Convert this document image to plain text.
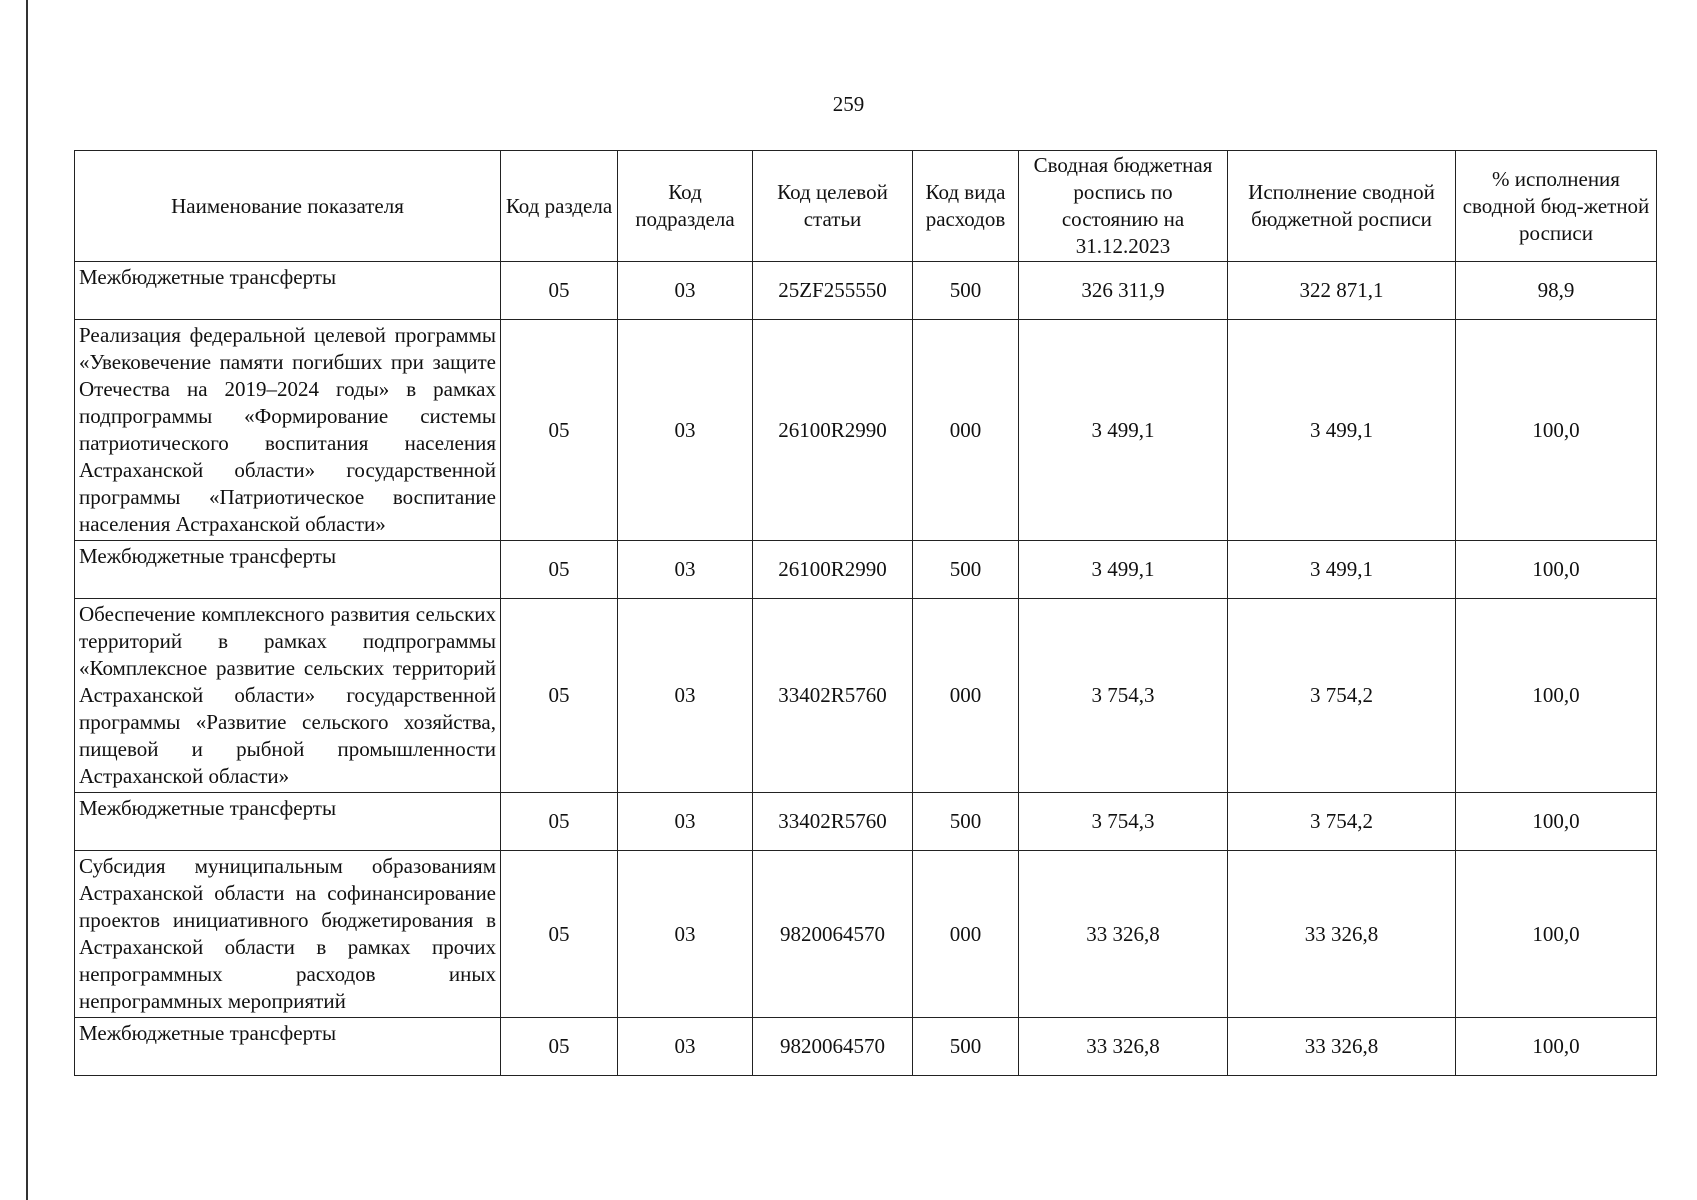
259
Наименование показателя	Код раздела	Код подраздела	Код целевой статьи	Код вида расходов	Сводная бюджетная роспись по состоянию на 31.12.2023	Исполнение сводной бюджетной росписи	% исполнения сводной бюд-жетной росписи
Межбюджетные трансферты	05	03	25ZF255550	500	326 311,9	322 871,1	98,9
Реализация федеральной целевой программы «Увековечение памяти погибших при защите Отечества на 2019–2024 годы» в рамках подпрограммы «Формирование системы патриотического воспитания населения Астраханской области» государственной программы «Патриотическое воспитание населения Астраханской области»	05	03	26100R2990	000	3 499,1	3 499,1	100,0
Межбюджетные трансферты	05	03	26100R2990	500	3 499,1	3 499,1	100,0
Обеспечение комплексного развития сельских территорий в рамках подпрограммы «Комплексное развитие сельских территорий Астраханской области» государственной программы «Развитие сельского хозяйства, пищевой и рыбной промышленности Астраханской области»	05	03	33402R5760	000	3 754,3	3 754,2	100,0
Межбюджетные трансферты	05	03	33402R5760	500	3 754,3	3 754,2	100,0
Субсидия муниципальным образованиям Астраханской области на софинансирование проектов инициативного бюджетирования в Астраханской области в рамках прочих непрограммных расходов иных непрограммных мероприятий	05	03	9820064570	000	33 326,8	33 326,8	100,0
Межбюджетные трансферты	05	03	9820064570	500	33 326,8	33 326,8	100,0
